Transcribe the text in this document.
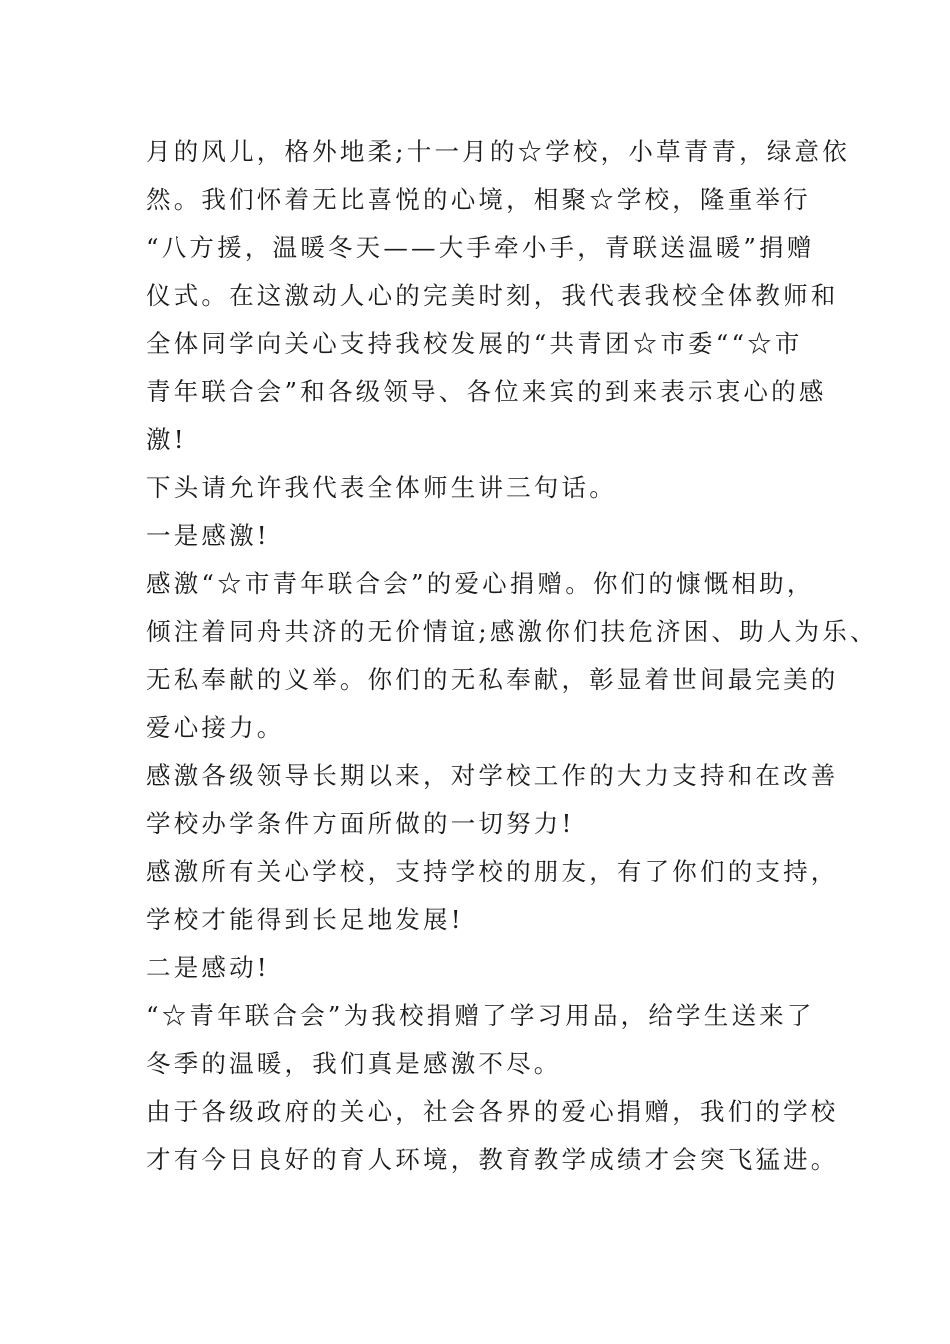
月的风儿，格外地柔;十一月的☆学校，小草青青，绿意依
然。我们怀着无比喜悦的心境，相聚☆学校，隆重举行
“八方援，温暖冬天——大手牵小手，青联送温暖”捐赠
仪式。在这激动人心的完美时刻，我代表我校全体教师和
全体同学向关心支持我校发展的“共青团☆市委““☆市
青年联合会”和各级领导、各位来宾的到来表示衷心的感
激!
下头请允许我代表全体师生讲三句话。
一是感激!
感激“☆市青年联合会”的爱心捐赠。你们的慷慨相助，
倾注着同舟共济的无价情谊;感激你们扶危济困、助人为乐、
无私奉献的义举。你们的无私奉献，彰显着世间最完美的
爱心接力。
感激各级领导长期以来，对学校工作的大力支持和在改善
学校办学条件方面所做的一切努力!
感激所有关心学校，支持学校的朋友，有了你们的支持，
学校才能得到长足地发展!
二是感动!
“☆青年联合会”为我校捐赠了学习用品，给学生送来了
冬季的温暖，我们真是感激不尽。
由于各级政府的关心，社会各界的爱心捐赠，我们的学校
才有今日良好的育人环境，教育教学成绩才会突飞猛进。
